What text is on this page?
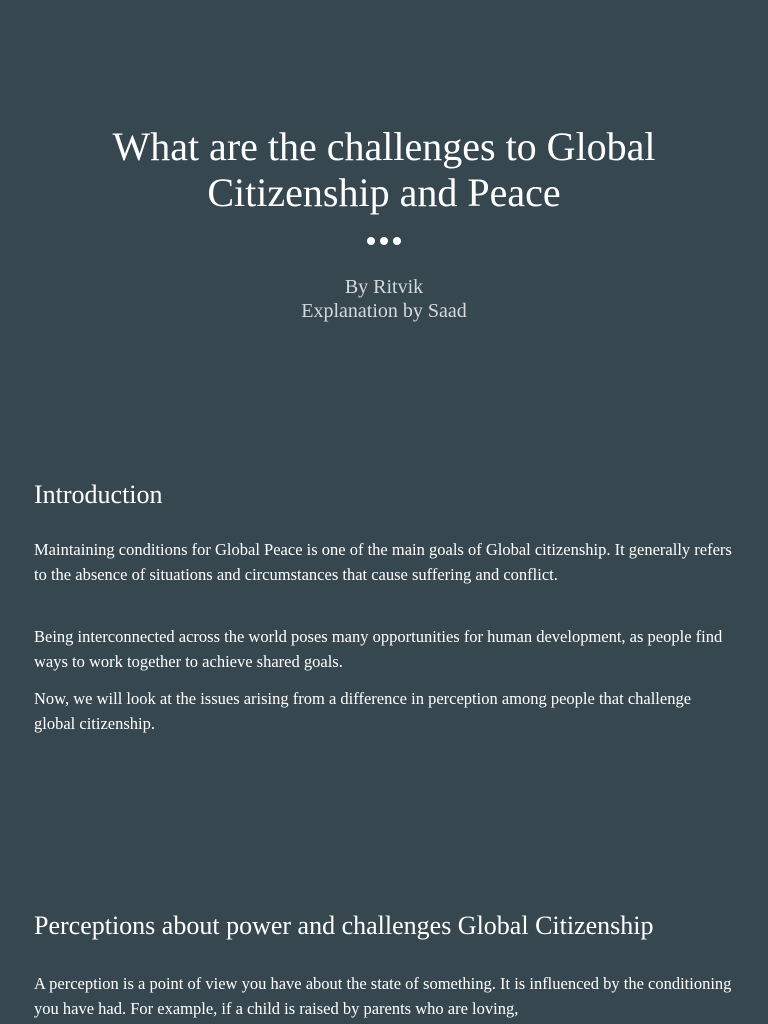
What are the challenges to Global Citizenship and Peace
By Ritvik
Explanation by Saad
Introduction

Maintaining conditions for Global Peace is one of the main goals of Global citizenship. It generally refers to the absence of situations and circumstances that cause suffering and conflict.

Being interconnected across the world poses many opportunities for human development, as people find ways to work together to achieve shared goals.

Now, we will look at the issues arising from a difference in perception among people that challenge global citizenship.

Perceptions about power and challenges Global Citizenship

A perception is a point of view you have about the state of something. It is influenced by the conditioning you have had. For example, if a child is raised by parents who are loving,
